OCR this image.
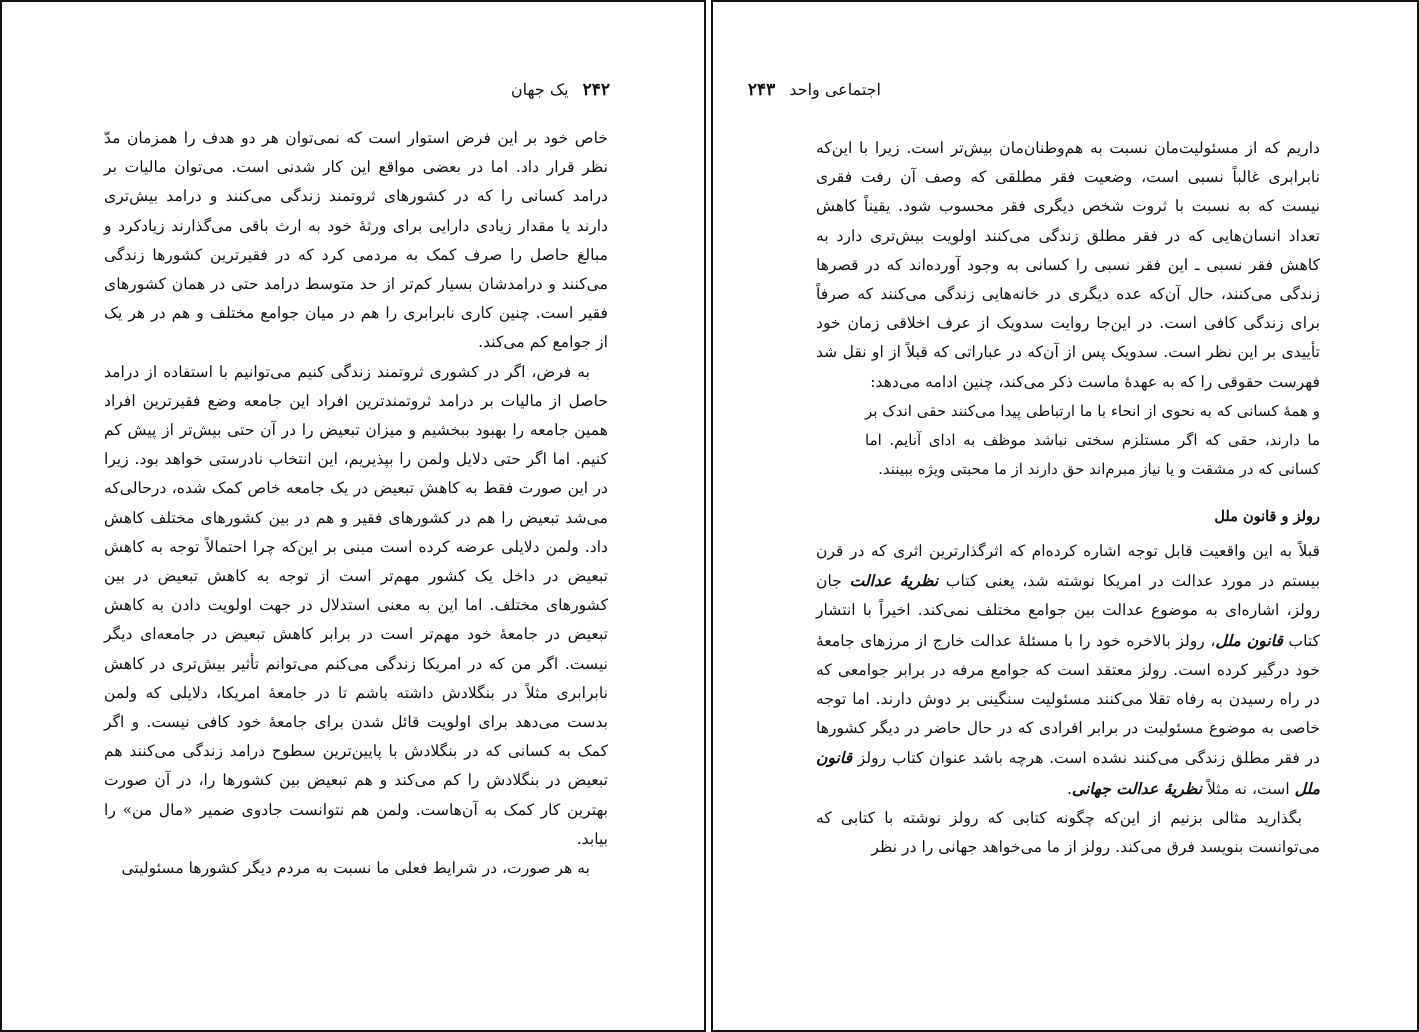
۲۴۲
یک جهان

خاص خود بر این فرض استوار است که نمی‌توان هر دو هدف را همزمان مدّ نظر قرار داد. اما در بعضی مواقع این کار شدنی است. می‌توان مالیات بر درامد کسانی را که در کشورهای ثروتمند زندگی می‌کنند و درامد بیش‌تری دارند یا مقدار زیادی دارایی برای ورثهٔ خود به ارث باقی می‌گذارند زیادکرد و مبالغ حاصل را صرف کمک به مردمی کرد که در فقیرترین کشورها زندگی می‌کنند و درامدشان بسیار کم‌تر از حد متوسط درامد حتی در همان کشورهای فقیر است. چنین کاری نابرابری را هم در میان جوامع مختلف و هم در هر یک از جوامع کم می‌کند.

به فرض، اگر در کشوری ثروتمند زندگی کنیم می‌توانیم با استفاده از درامد حاصل از مالیات بر درامد ثروتمندترین افراد این جامعه وضع فقیرترین افراد همین جامعه را بهبود ببخشیم و میزان تبعیض را در آن حتی بیش‌تر از پیش کم کنیم. اما اگر حتی دلایل ولمن را بپذیریم، این انتخاب نادرستی خواهد بود. زیرا در این صورت فقط به کاهش تبعیض در یک جامعه خاص کمک شده، درحالی‌که می‌شد تبعیض را هم در کشورهای فقیر و هم در بین کشورهای مختلف کاهش داد. ولمن دلایلی عرضه کرده است مبنی بر این‌که چرا احتمالاً توجه به کاهش تبعیض در داخل یک کشور مهم‌تر است از توجه به کاهش تبعیض در بین کشورهای مختلف. اما این به معنی استدلال در جهت اولویت دادن به کاهش تبعیض در جامعهٔ خود مهم‌تر است در برابر کاهش تبعیض در جامعه‌ای دیگر نیست. اگر من که در امریکا زندگی می‌کنم می‌توانم تأثیر بیش‌تری در کاهش نابرابری مثلاً در بنگلادش داشته باشم تا در جامعهٔ امریکا، دلایلی که ولمن بدست می‌دهد برای اولویت قائل شدن برای جامعهٔ خود کافی نیست. و اگر کمک به کسانی که در بنگلادش با پایین‌ترین سطوح درامد زندگی می‌کنند هم تبعیض در بنگلادش را کم می‌کند و هم تبعیض بین کشورها را، در آن صورت بهترین کار کمک به آن‌هاست. ولمن هم نتوانست جادوی ضمیر «مال من» را بیابد.

به هر صورت، در شرایط فعلی ما نسبت به مردم دیگر کشورها مسئولیتی

اجتماعی واحد
۲۴۳

داریم که از مسئولیت‌مان نسبت به هم‌وطنان‌مان بیش‌تر است. زیرا با این‌که نابرابری غالباً نسبی است، وضعیت فقر مطلقی که وصف آن رفت فقری نیست که به نسبت با ثروت شخص دیگری فقر محسوب شود. یقیناً کاهش تعداد انسان‌هایی که در فقر مطلق زندگی می‌کنند اولویت بیش‌تری دارد به کاهش فقر نسبی ـ این فقر نسبی را کسانی به وجود آورده‌اند که در قصرها زندگی می‌کنند، حال آن‌که عده دیگری در خانه‌هایی زندگی می‌کنند که صرفاً برای زندگی کافی است. در این‌جا روایت سدویک از عرف اخلاقی زمان خود تأییدی بر این نظر است. سدویک پس از آن‌که در عباراتی که قبلاً از او نقل شد فهرست حقوقی را که به عهدهٔ ماست ذکر می‌کند، چنین ادامه می‌دهد:

و همهٔ کسانی که به نحوی از انحاء با ما ارتباطی پیدا می‌کنند حقی اندک بر ما دارند، حقی که اگر مستلزم سختی نباشد موظف به ادای آنایم. اما کسانی که در مشقت و یا نیاز مبرم‌اند حق دارند از ما محبتی ویژه ببینند.

رولز و قانون ملل

قبلاً به این واقعیت قابل توجه اشاره کرده‌ام که اثرگذارترین اثری که در قرن بیستم در مورد عدالت در امریکا نوشته شد، یعنی کتاب نظریهٔ عدالت جان رولز، اشاره‌ای به موضوع عدالت بین جوامع مختلف نمی‌کند. اخیراً با انتشار کتاب قانون ملل، رولز بالاخره خود را با مسئلهٔ عدالت خارج از مرزهای جامعهٔ خود درگیر کرده است. رولز معتقد است که جوامع مرفه در برابر جوامعی که در راه رسیدن به رفاه تقلا می‌کنند مسئولیت سنگینی بر دوش دارند. اما توجه خاصی به موضوع مسئولیت در برابر افرادی که در حال حاضر در دیگر کشورها در فقر مطلق زندگی می‌کنند نشده است. هرچه باشد عنوان کتاب رولز قانون ملل است، نه مثلاً نظریهٔ عدالت جهانی.

بگذارید مثالی بزنیم از این‌که چگونه کتابی که رولز نوشته با کتابی که می‌توانست بنویسد فرق می‌کند. رولز از ما می‌خواهد جهانی را در نظر
